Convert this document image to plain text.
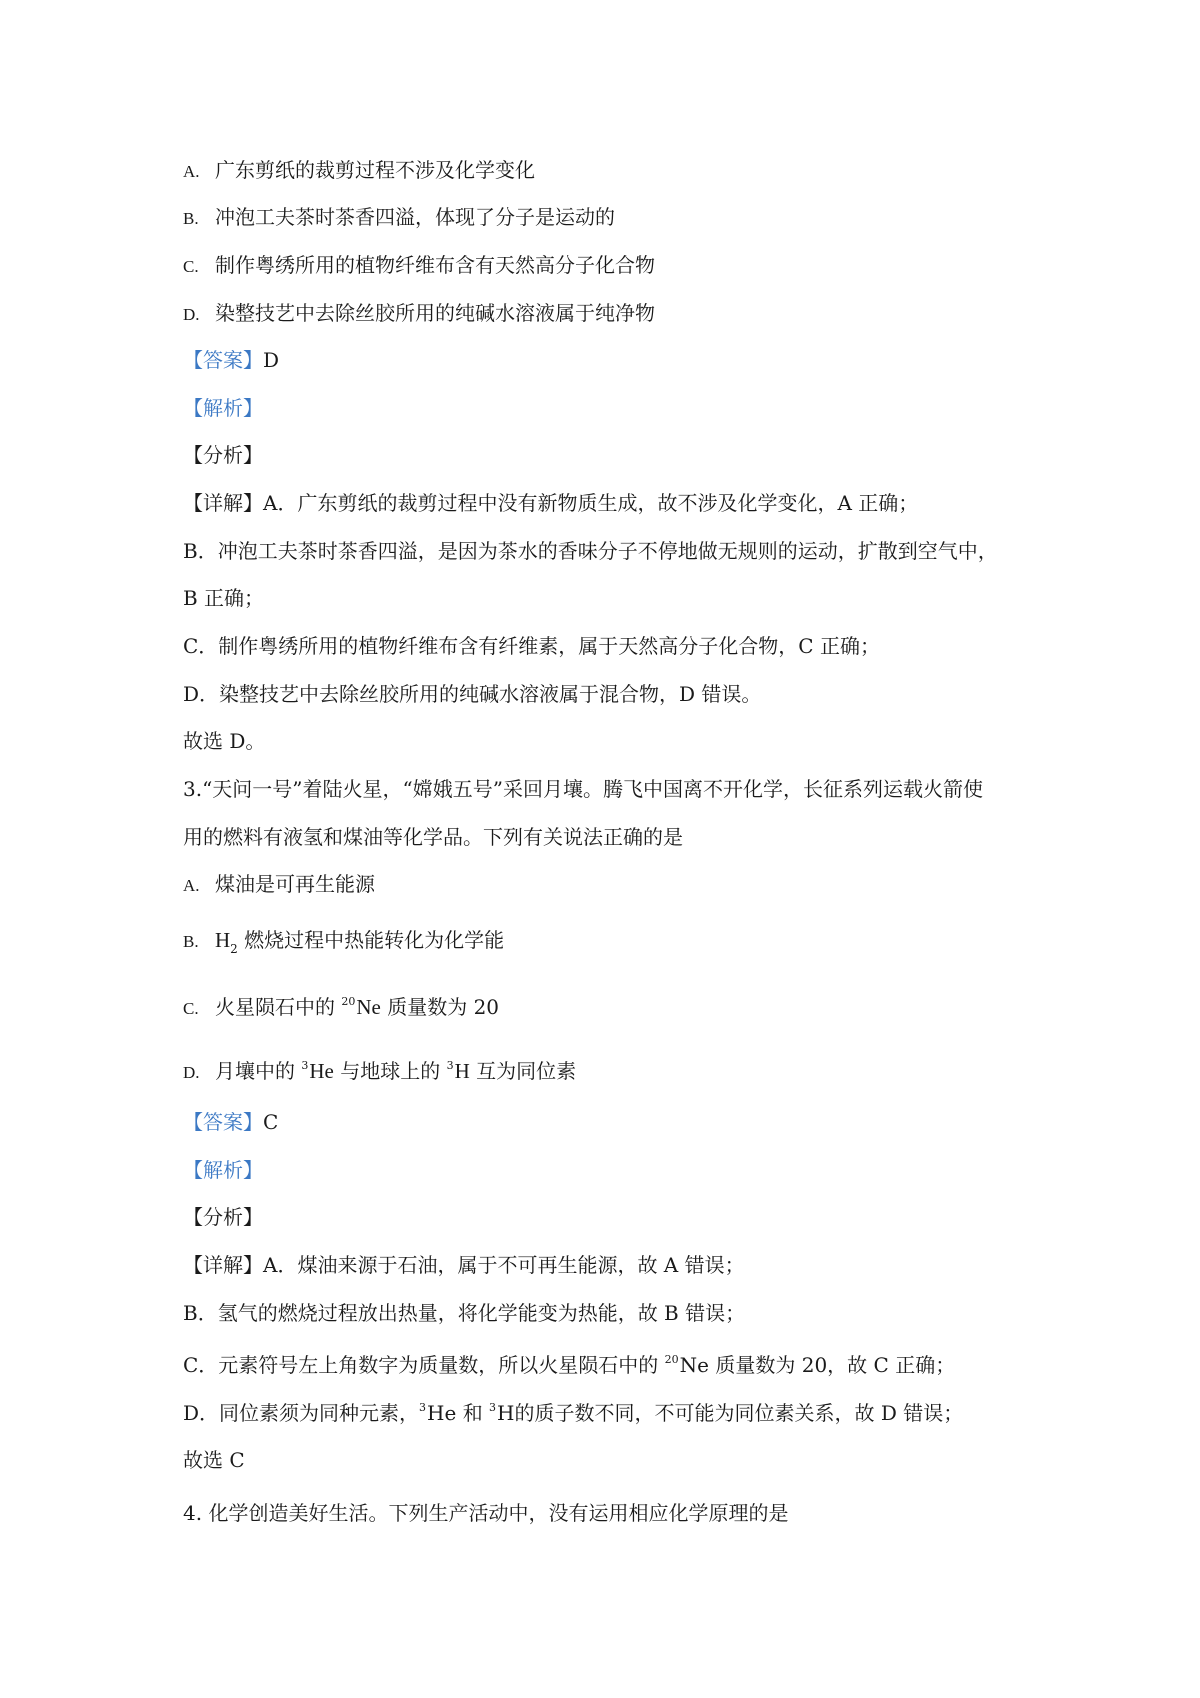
A. 广东剪纸的裁剪过程不涉及化学变化
B. 冲泡工夫茶时茶香四溢，体现了分子是运动的
C. 制作粤绣所用的植物纤维布含有天然高分子化合物
D. 染整技艺中去除丝胶所用的纯碱水溶液属于纯净物
【答案】D
【解析】
【分析】
【详解】A．广东剪纸的裁剪过程中没有新物质生成，故不涉及化学变化，A 正确；
B．冲泡工夫茶时茶香四溢，是因为茶水的香味分子不停地做无规则的运动，扩散到空气中，
B 正确；
C．制作粤绣所用的植物纤维布含有纤维素，属于天然高分子化合物，C 正确；
D．染整技艺中去除丝胶所用的纯碱水溶液属于混合物，D 错误。
故选 D。
3.“天问一号”着陆火星，“嫦娥五号”采回月壤。腾飞中国离不开化学，长征系列运载火箭使
用的燃料有液氢和煤油等化学品。下列有关说法正确的是
A. 煤油是可再生能源
B. $H_2$ 燃烧过程中热能转化为化学能
C. 火星陨石中的 $^{20}$Ne 质量数为 20
D. 月壤中的 $^3$He 与地球上的 $^3$H 互为同位素
【答案】C
【解析】
【分析】
【详解】A．煤油来源于石油，属于不可再生能源，故 A 错误；
B．氢气的燃烧过程放出热量，将化学能变为热能，故 B 错误；
C．元素符号左上角数字为质量数，所以火星陨石中的 $^{20}$Ne 质量数为 20，故 C 正确；
D．同位素须为同种元素，$^3$He 和 $^3$H的质子数不同，不可能为同位素关系，故 D 错误；
故选 C
4. 化学创造美好生活。下列生产活动中，没有运用相应化学原理的是
